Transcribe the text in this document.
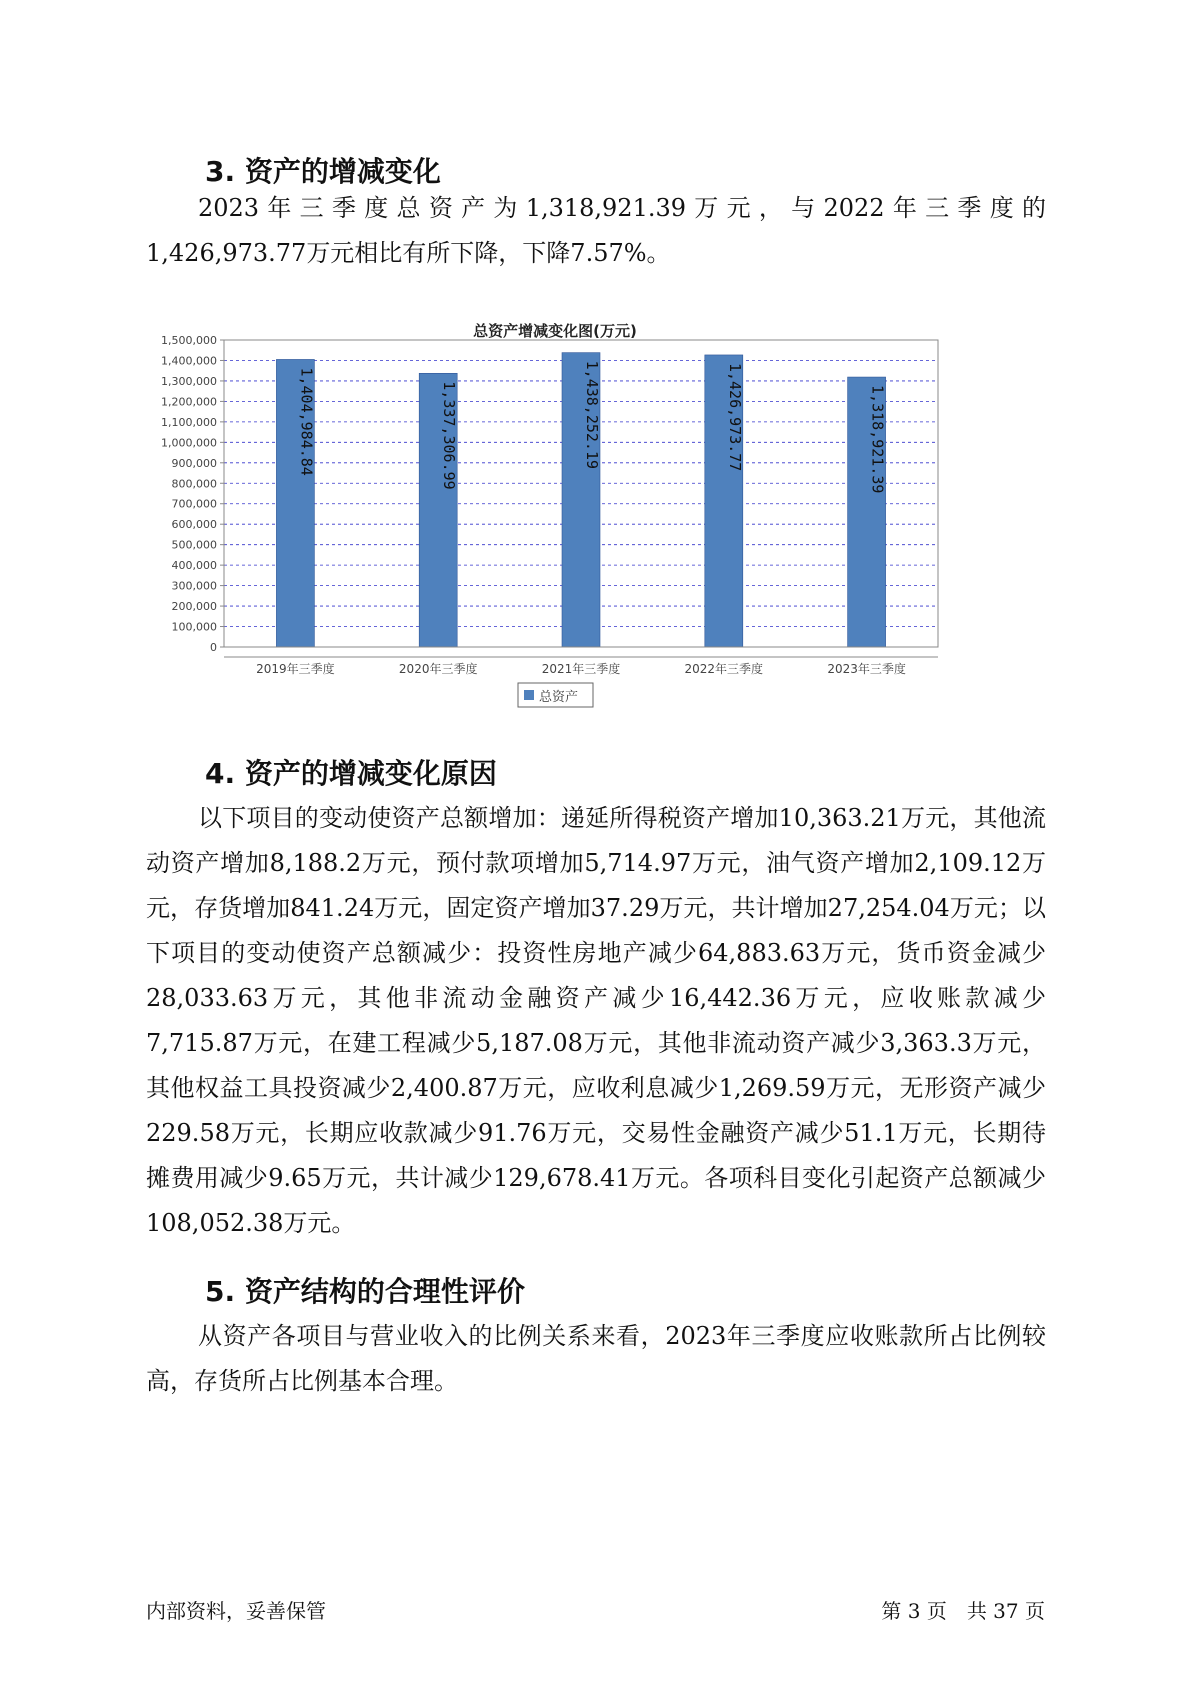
3. 资产的增减变化

2023年三季度总资产为1,318,921.39万元，与2022年三季度的1,426,973.77万元相比有所下降，下降7.57%。

总资产增减变化图(万元)
0
100,000
200,000
300,000
400,000
500,000
600,000
700,000
800,000
900,000
1,000,000
1,100,000
1,200,000
1,300,000
1,400,000
1,500,000
1,404,984.84	1,337,306.99	1,438,252.19	1,426,973.77	1,318,921.39
2019年三季度	2020年三季度	2021年三季度	2022年三季度	2023年三季度
总资产
4. 资产的增减变化原因

以下项目的变动使资产总额增加：递延所得税资产增加10,363.21万元，其他流动资产增加8,188.2万元，预付款项增加5,714.97万元，油气资产增加2,109.12万元，存货增加841.24万元，固定资产增加37.29万元，共计增加27,254.04万元；以下项目的变动使资产总额减少：投资性房地产减少64,883.63万元，货币资金减少28,033.63万元，其他非流动金融资产减少16,442.36万元，应收账款减少7,715.87万元，在建工程减少5,187.08万元，其他非流动资产减少3,363.3万元，其他权益工具投资减少2,400.87万元，应收利息减少1,269.59万元，无形资产减少229.58万元，长期应收款减少91.76万元，交易性金融资产减少51.1万元，长期待摊费用减少9.65万元，共计减少129,678.41万元。各项科目变化引起资产总额减少108,052.38万元。

5. 资产结构的合理性评价

从资产各项目与营业收入的比例关系来看，2023年三季度应收账款所占比例较高，存货所占比例基本合理。

内部资料，妥善保管	第 3 页　共 37 页
